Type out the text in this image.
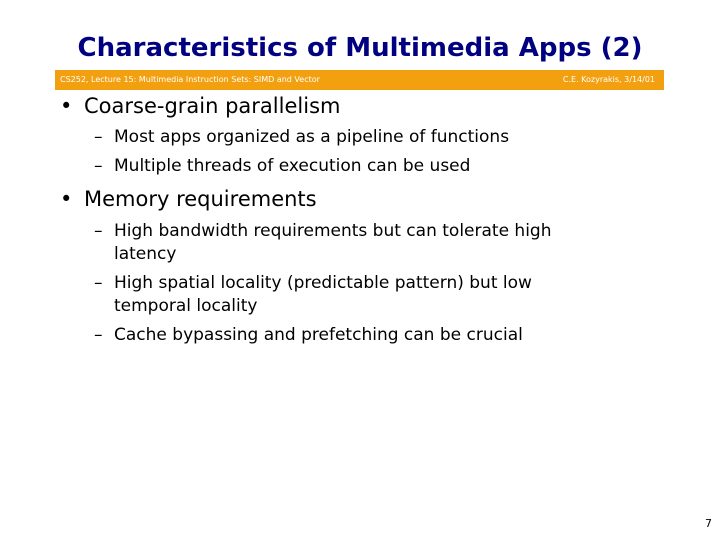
Characteristics of Multimedia Apps (2)
CS252, Lecture 15: Multimedia Instruction Sets: SIMD and Vector	C.E. Kozyrakis, 3/14/01
• Coarse-grain parallelism
– Most apps organized as a pipeline of functions
– Multiple threads of execution can be used
• Memory requirements
– High bandwidth requirements but can tolerate high
latency
– High spatial locality (predictable pattern) but low
temporal locality
– Cache bypassing and prefetching can be crucial
7
